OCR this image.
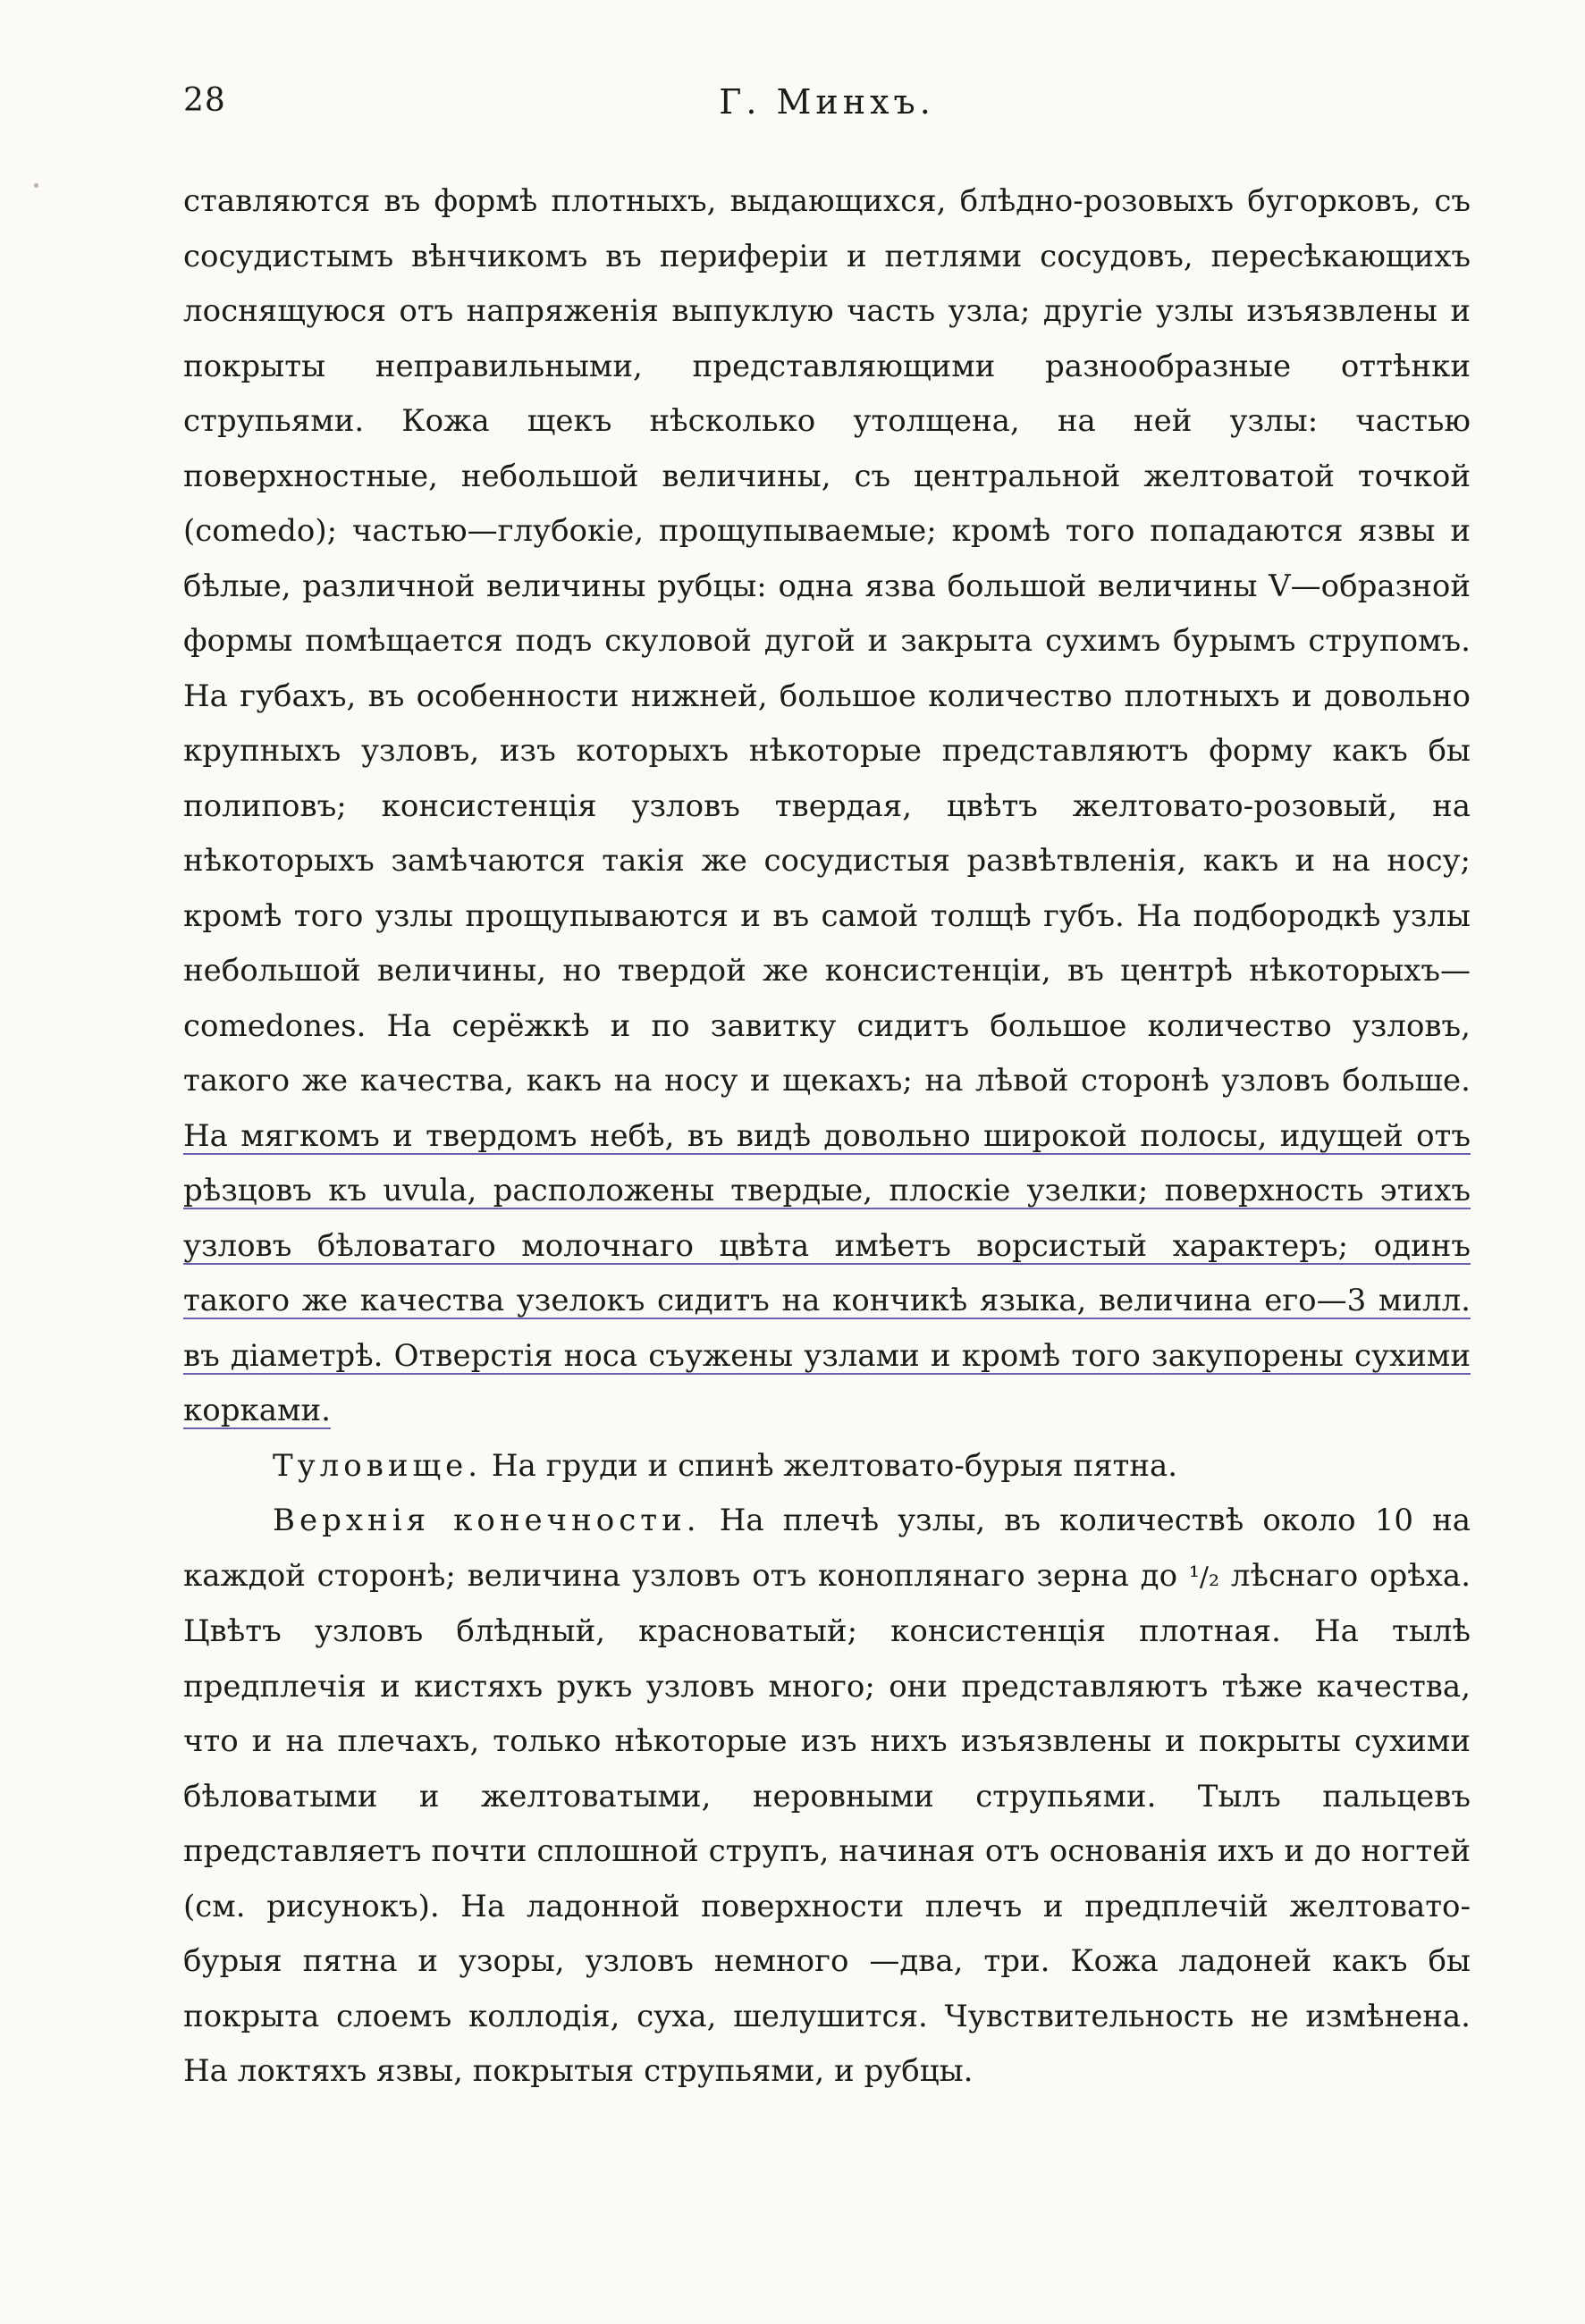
28	Г. Минхъ.

ставляются въ формѣ плотныхъ, выдающихся, блѣдно-розовыхъ бугорковъ, съ сосудистымъ вѣнчикомъ въ периферіи и петлями сосудовъ, пересѣкающихъ лоснящуюся отъ напряженія выпуклую часть узла; другіе узлы изъязвлены и покрыты неправильными, представляющими разнообразные оттѣнки струпьями. Кожа щекъ нѣсколько утолщена, на ней узлы: частью поверхностные, небольшой величины, съ центральной желтоватой точкой (comedo); частью—глубокіе, прощупываемые; кромѣ того попадаются язвы и бѣлые, различной величины рубцы: одна язва большой величины V—образной формы помѣщается подъ скуловой дугой и закрыта сухимъ бурымъ струпомъ. На губахъ, въ особенности нижней, большое количество плотныхъ и довольно крупныхъ узловъ, изъ которыхъ нѣкоторые представляютъ форму какъ бы полиповъ; консистенція узловъ твердая, цвѣтъ желтовато-розовый, на нѣкоторыхъ замѣчаются такія же сосудистыя развѣтвленія, какъ и на носу; кромѣ того узлы прощупываются и въ самой толщѣ губъ. На подбородкѣ узлы небольшой величины, но твердой же консистенціи, въ центрѣ нѣкоторыхъ—comedones. На серёжкѣ и по завитку сидитъ большое количество узловъ, такого же качества, какъ на носу и щекахъ; на лѣвой сторонѣ узловъ больше. На мягкомъ и твердомъ небѣ, въ видѣ довольно широкой полосы, идущей отъ рѣзцовъ къ uvula, расположены твердые, плоскіе узелки; поверхность этихъ узловъ бѣловатаго молочнаго цвѣта имѣетъ ворсистый характеръ; одинъ такого же качества узелокъ сидитъ на кончикѣ языка, величина его—3 милл. въ діаметрѣ. Отверстія носа съужены узлами и кромѣ того закупорены сухими корками.

Туловище. На груди и спинѣ желтовато-бурыя пятна.

Верхнія конечности. На плечѣ узлы, въ количествѣ около 10 на каждой сторонѣ; величина узловъ отъ коноплянаго зерна до ¹/₂ лѣснаго орѣха. Цвѣтъ узловъ блѣдный, красноватый; консистенція плотная. На тылѣ предплечія и кистяхъ рукъ узловъ много; они представляютъ тѣже качества, что и на плечахъ, только нѣкоторые изъ нихъ изъязвлены и покрыты сухими бѣловатыми и желтоватыми, неровными струпьями. Тылъ пальцевъ представляетъ почти сплошной струпъ, начиная отъ основанія ихъ и до ногтей (см. рисунокъ). На ладонной поверхности плечъ и предплечій желтовато-бурыя пятна и узоры, узловъ немного —два, три. Кожа ладоней какъ бы покрыта слоемъ коллодія, суха, шелушится. Чувствительность не измѣнена. На локтяхъ язвы, покрытыя струпьями, и рубцы.
